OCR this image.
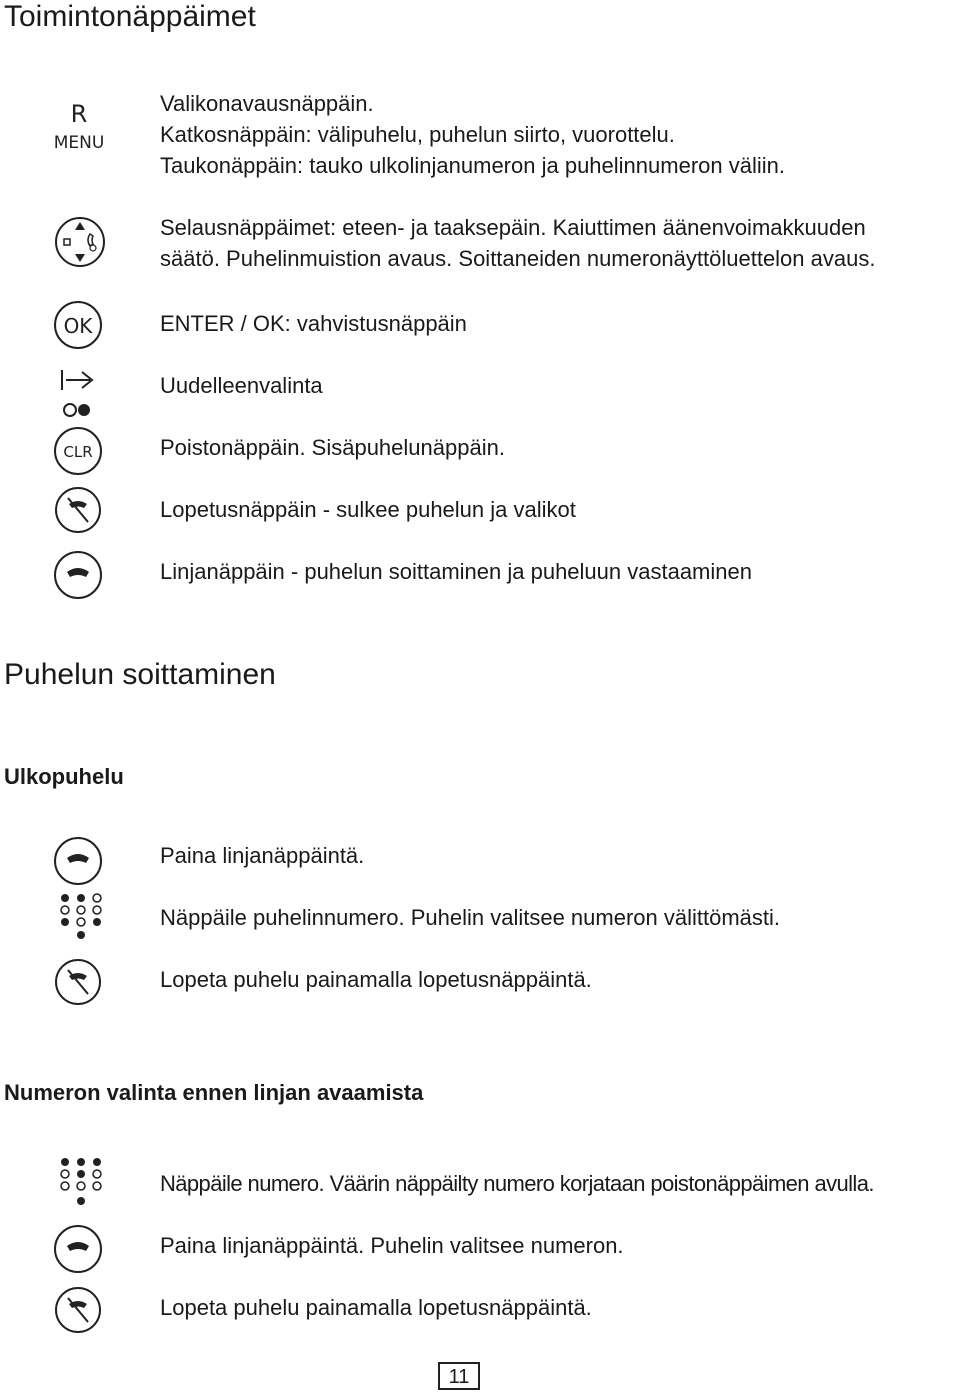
Toimintonäppäimet
R
MENU
Valikonavausnäppäin.
Katkosnäppäin: välipuhelu, puhelun siirto, vuorottelu.
Taukonäppäin: tauko ulkolinjanumeron ja puhelinnumeron väliin.
Selausnäppäimet: eteen- ja taaksepäin. Kaiuttimen äänenvoimakkuuden
säätö. Puhelinmuistion avaus. Soittaneiden numeronäyttöluettelon avaus.
OK	ENTER / OK: vahvistusnäppäin
Uudelleenvalinta
CLR	Poistonäppäin. Sisäpuhelunäppäin.
Lopetusnäppäin - sulkee puhelun ja valikot
Linjanäppäin - puhelun soittaminen ja puheluun vastaaminen
Puhelun soittaminen
Ulkopuhelu
Paina linjanäppäintä.
Näppäile puhelinnumero. Puhelin valitsee numeron välittömästi.
Lopeta puhelu painamalla lopetusnäppäintä.
Numeron valinta ennen linjan avaamista
Näppäile numero. Väärin näppäilty numero korjataan poistonäppäimen avulla.
Paina linjanäppäintä. Puhelin valitsee numeron.
Lopeta puhelu painamalla lopetusnäppäintä.
11
